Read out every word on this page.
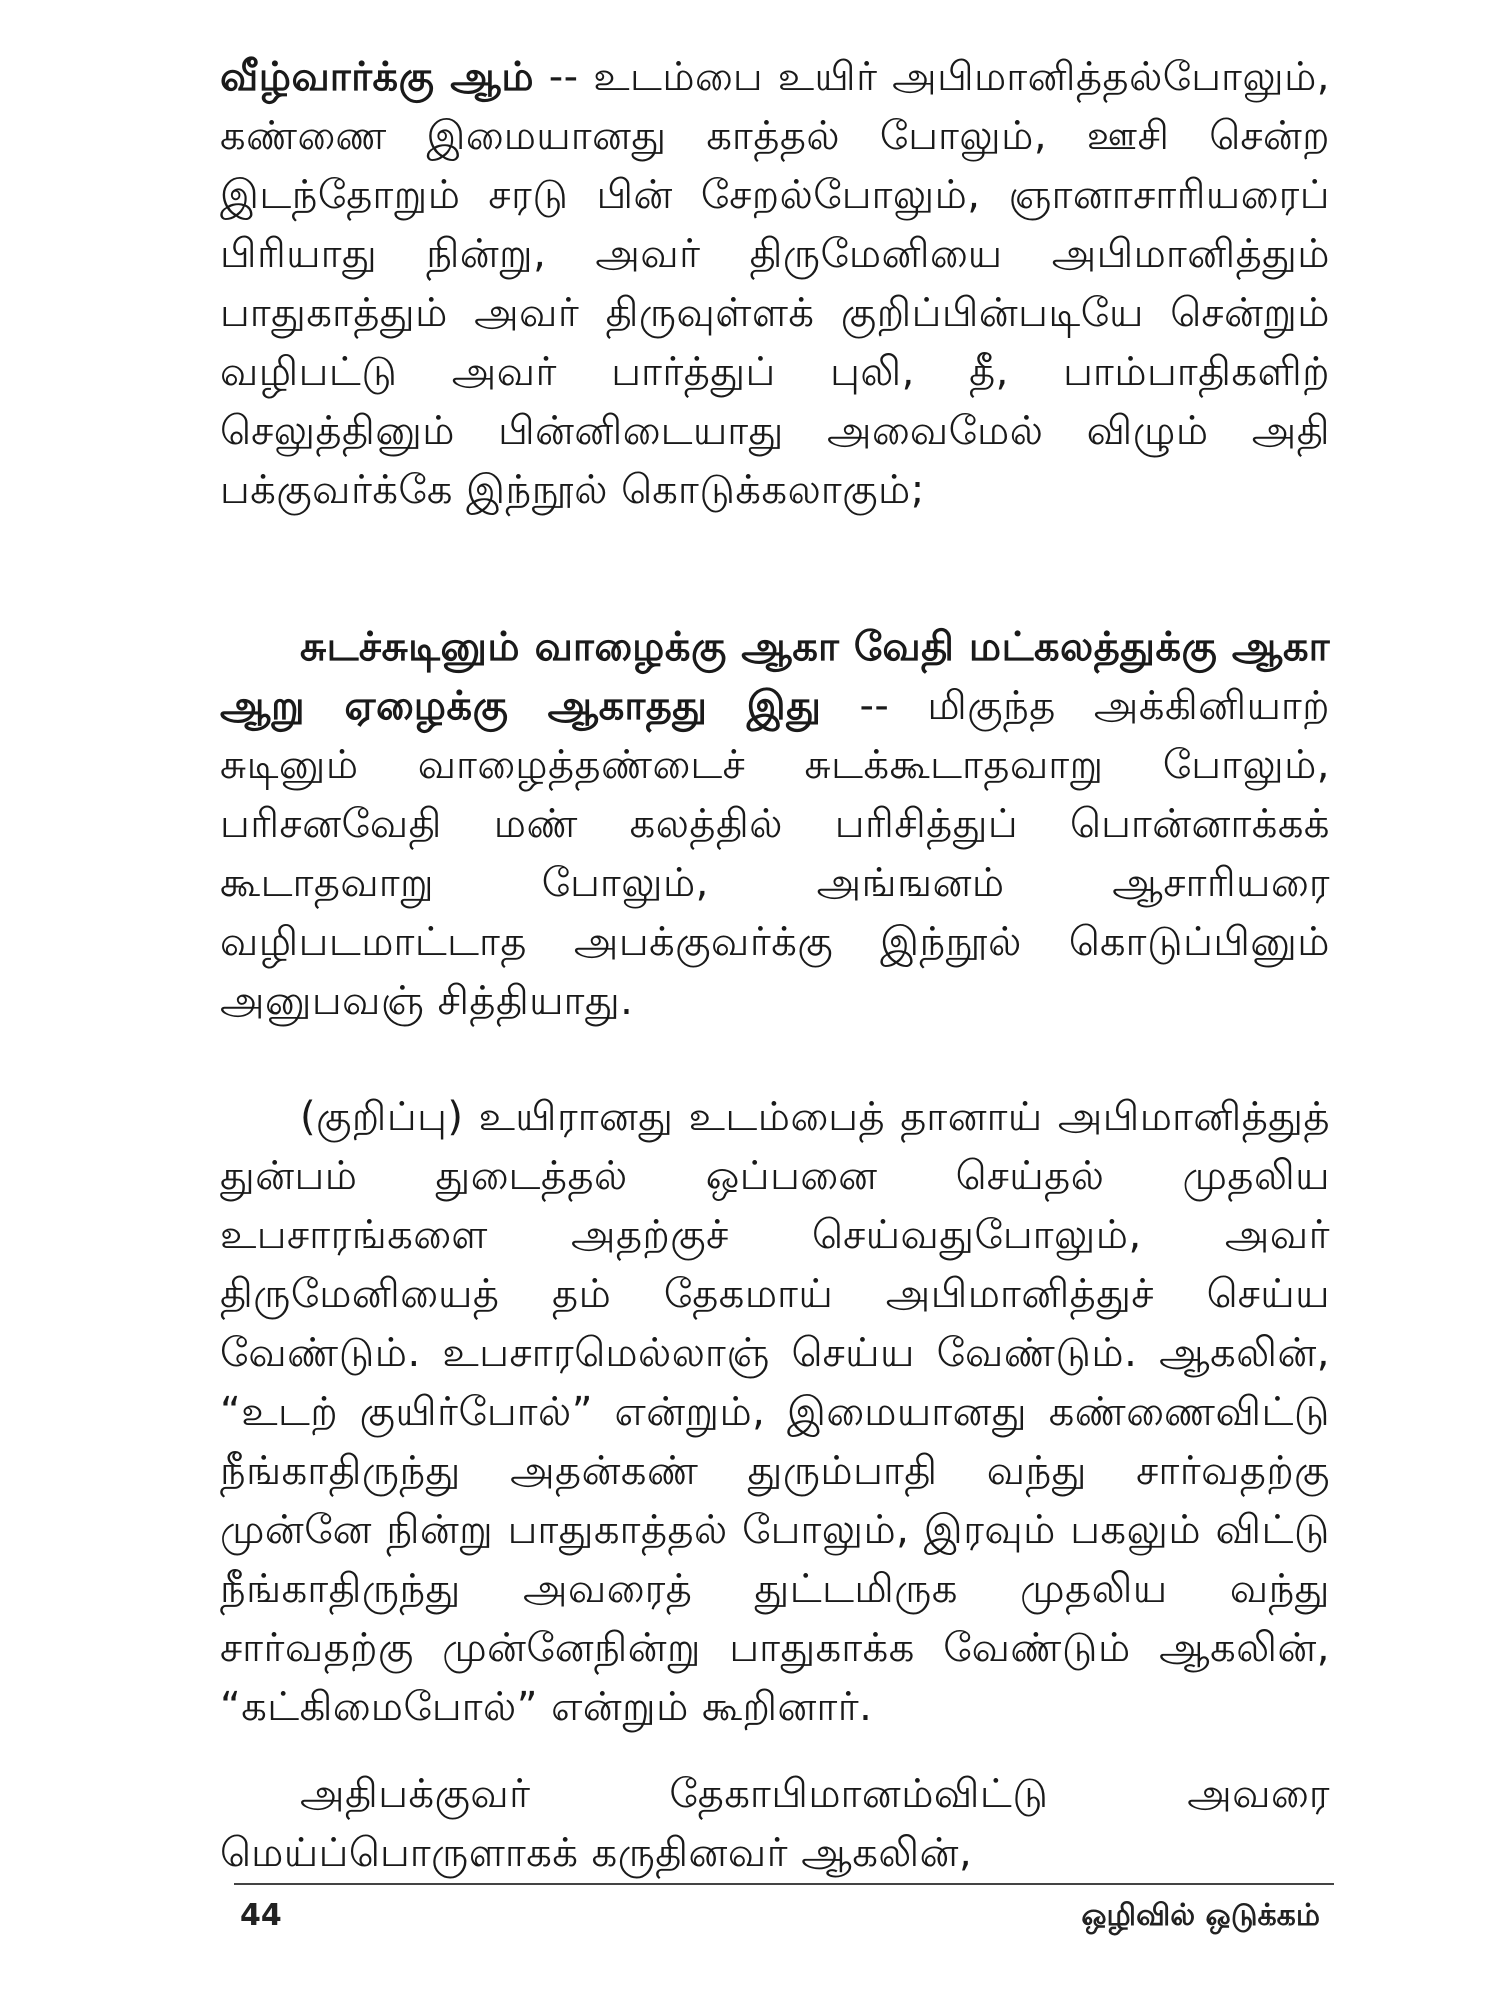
வீழ்வார்க்கு ஆம் -- உடம்பை உயிர் அபிமானித்தல்போலும், கண்ணை இமையானது காத்தல் போலும், ஊசி சென்ற இடந்தோறும் சரடு பின் சேறல்போலும், ஞானாசாரியரைப் பிரியாது நின்று, அவர் திருமேனியை அபிமானித்தும் பாதுகாத்தும் அவர் திருவுள்ளக் குறிப்பின்படியே சென்றும் வழிபட்டு அவர் பார்த்துப் புலி, தீ, பாம்பாதிகளிற் செலுத்தினும் பின்னிடையாது அவைமேல் விழும் அதி பக்குவர்க்கே இந்நூல் கொடுக்கலாகும்;

சுடச்சுடினும் வாழைக்கு ஆகா வேதி மட்கலத்துக்கு ஆகா ஆறு ஏழைக்கு ஆகாதது இது -- மிகுந்த அக்கினியாற் சுடினும் வாழைத்தண்டைச் சுடக்கூடாதவாறு போலும், பரிசனவேதி மண் கலத்தில் பரிசித்துப் பொன்னாக்கக் கூடாதவாறு போலும், அங்ஙனம் ஆசாரியரை வழிபடமாட்டாத அபக்குவர்க்கு இந்நூல் கொடுப்பினும் அனுபவஞ் சித்தியாது.

(குறிப்பு) உயிரானது உடம்பைத் தானாய் அபிமானித்துத் துன்பம் துடைத்தல் ஒப்பனை செய்தல் முதலிய உபசாரங்களை அதற்குச் செய்வதுபோலும், அவர் திருமேனியைத் தம் தேகமாய் அபிமானித்துச் செய்ய வேண்டும். உபசாரமெல்லாஞ் செய்ய வேண்டும். ஆகலின், “உடற் குயிர்போல்” என்றும், இமையானது கண்ணைவிட்டு நீங்காதிருந்து அதன்கண் துரும்பாதி வந்து சார்வதற்கு முன்னே நின்று பாதுகாத்தல் போலும், இரவும் பகலும் விட்டு நீங்காதிருந்து அவரைத் துட்டமிருக முதலிய வந்து சார்வதற்கு முன்னேநின்று பாதுகாக்க வேண்டும் ஆகலின், “கட்கிமைபோல்” என்றும் கூறினார்.

அதிபக்குவர் தேகாபிமானம்விட்டு அவரை மெய்ப்பொருளாகக் கருதினவர் ஆகலின்,

44	ஒழிவில் ஒடுக்கம்
